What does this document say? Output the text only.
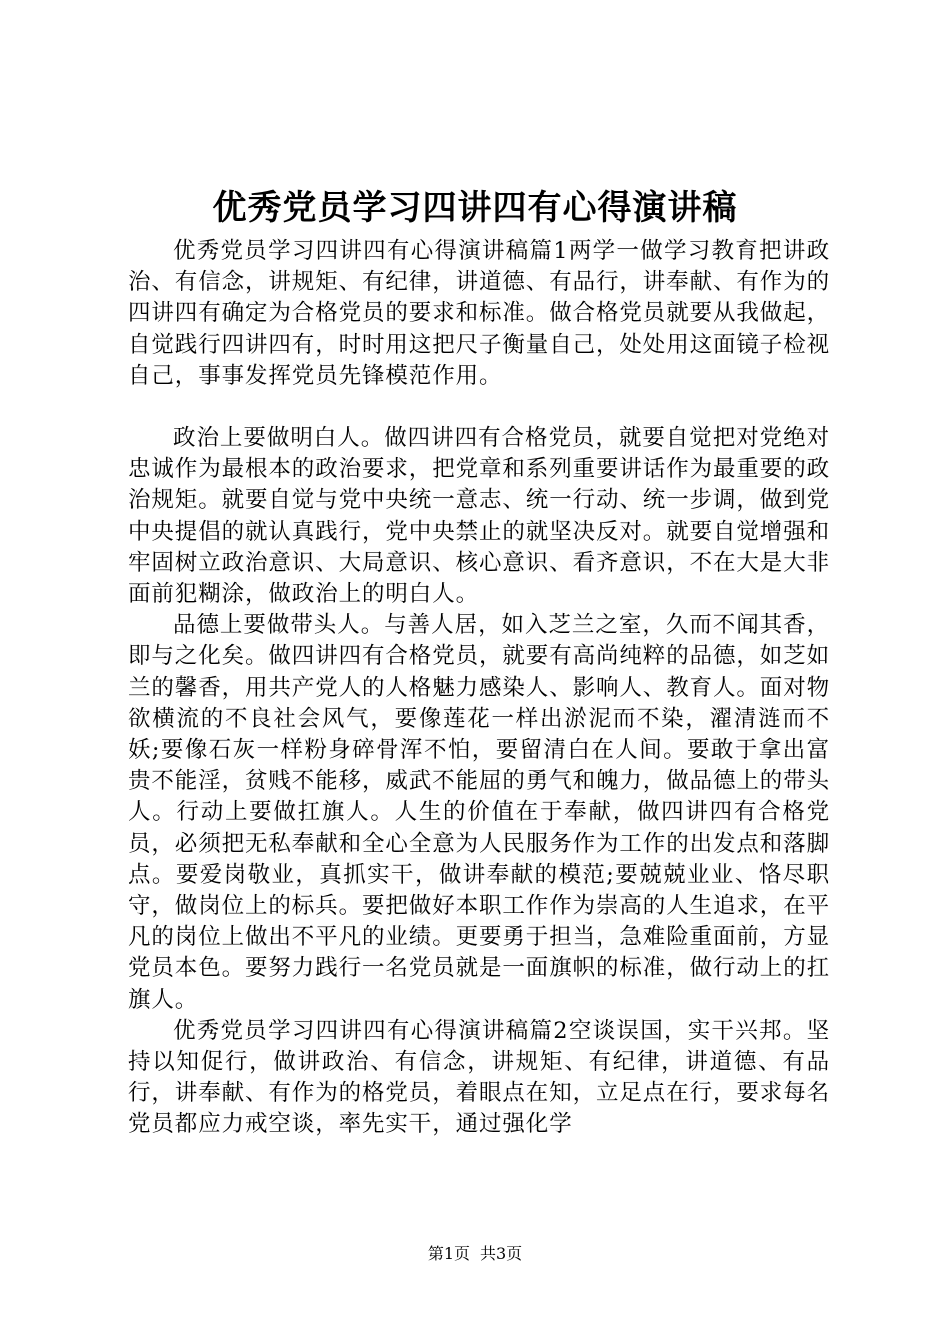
优秀党员学习四讲四有心得演讲稿

优秀党员学习四讲四有心得演讲稿篇1两学一做学习教育把讲政治、有信念，讲规矩、有纪律，讲道德、有品行，讲奉献、有作为的四讲四有确定为合格党员的要求和标准。做合格党员就要从我做起，自觉践行四讲四有，时时用这把尺子衡量自己，处处用这面镜子检视自己，事事发挥党员先锋模范作用。

政治上要做明白人。做四讲四有合格党员，就要自觉把对党绝对忠诚作为最根本的政治要求，把党章和系列重要讲话作为最重要的政治规矩。就要自觉与党中央统一意志、统一行动、统一步调，做到党中央提倡的就认真践行，党中央禁止的就坚决反对。就要自觉增强和牢固树立政治意识、大局意识、核心意识、看齐意识，不在大是大非面前犯糊涂，做政治上的明白人。

品德上要做带头人。与善人居，如入芝兰之室，久而不闻其香，即与之化矣。做四讲四有合格党员，就要有高尚纯粹的品德，如芝如兰的馨香，用共产党人的人格魅力感染人、影响人、教育人。面对物欲横流的不良社会风气，要像莲花一样出淤泥而不染，濯清涟而不妖;要像石灰一样粉身碎骨浑不怕，要留清白在人间。要敢于拿出富贵不能淫，贫贱不能移，威武不能屈的勇气和魄力，做品德上的带头人。行动上要做扛旗人。人生的价值在于奉献，做四讲四有合格党员，必须把无私奉献和全心全意为人民服务作为工作的出发点和落脚点。要爱岗敬业，真抓实干，做讲奉献的模范;要兢兢业业、恪尽职守，做岗位上的标兵。要把做好本职工作作为崇高的人生追求，在平凡的岗位上做出不平凡的业绩。更要勇于担当，急难险重面前，方显党员本色。要努力践行一名党员就是一面旗帜的标准，做行动上的扛旗人。

优秀党员学习四讲四有心得演讲稿篇2空谈误国，实干兴邦。坚持以知促行，做讲政治、有信念，讲规矩、有纪律，讲道德、有品行，讲奉献、有作为的格党员，着眼点在知，立足点在行，要求每名党员都应力戒空谈，率先实干，通过强化学

第1页 共3页
